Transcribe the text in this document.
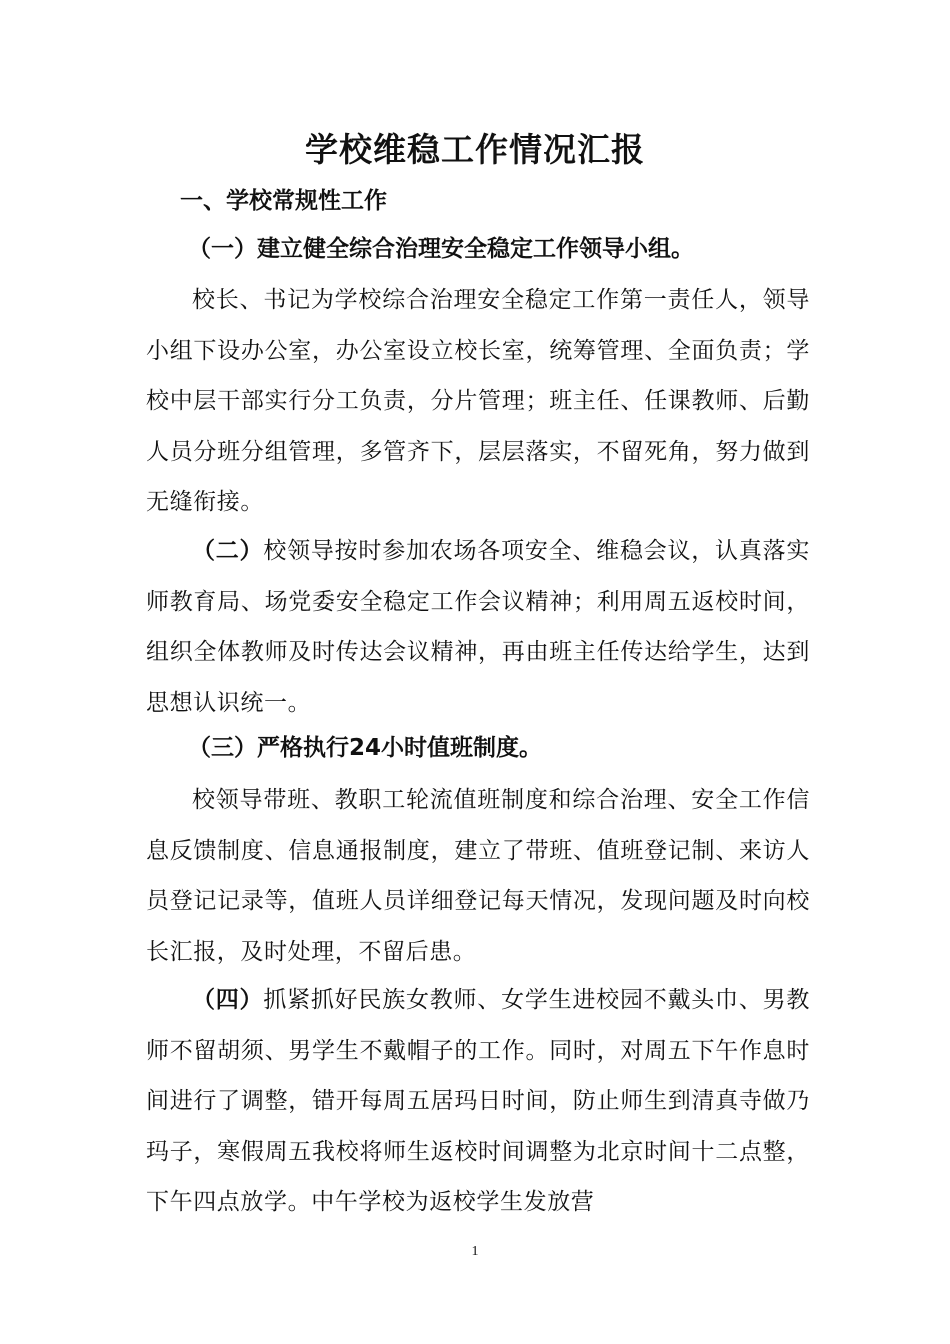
学校维稳工作情况汇报
一、学校常规性工作
（一）建立健全综合治理安全稳定工作领导小组。
校长、书记为学校综合治理安全稳定工作第一责任人，领导小组下设办公室，办公室设立校长室，统筹管理、全面负责；学校中层干部实行分工负责，分片管理；班主任、任课教师、后勤人员分班分组管理，多管齐下，层层落实，不留死角，努力做到无缝衔接。
（二）校领导按时参加农场各项安全、维稳会议，认真落实师教育局、场党委安全稳定工作会议精神；利用周五返校时间，组织全体教师及时传达会议精神，再由班主任传达给学生，达到思想认识统一。
（三）严格执行24小时值班制度。
校领导带班、教职工轮流值班制度和综合治理、安全工作信息反馈制度、信息通报制度，建立了带班、值班登记制、来访人员登记记录等，值班人员详细登记每天情况，发现问题及时向校长汇报，及时处理，不留后患。
（四）抓紧抓好民族女教师、女学生进校园不戴头巾、男教师不留胡须、男学生不戴帽子的工作。同时，对周五下午作息时间进行了调整，错开每周五居玛日时间，防止师生到清真寺做乃玛子，寒假周五我校将师生返校时间调整为北京时间十二点整，下午四点放学。中午学校为返校学生发放营
1
